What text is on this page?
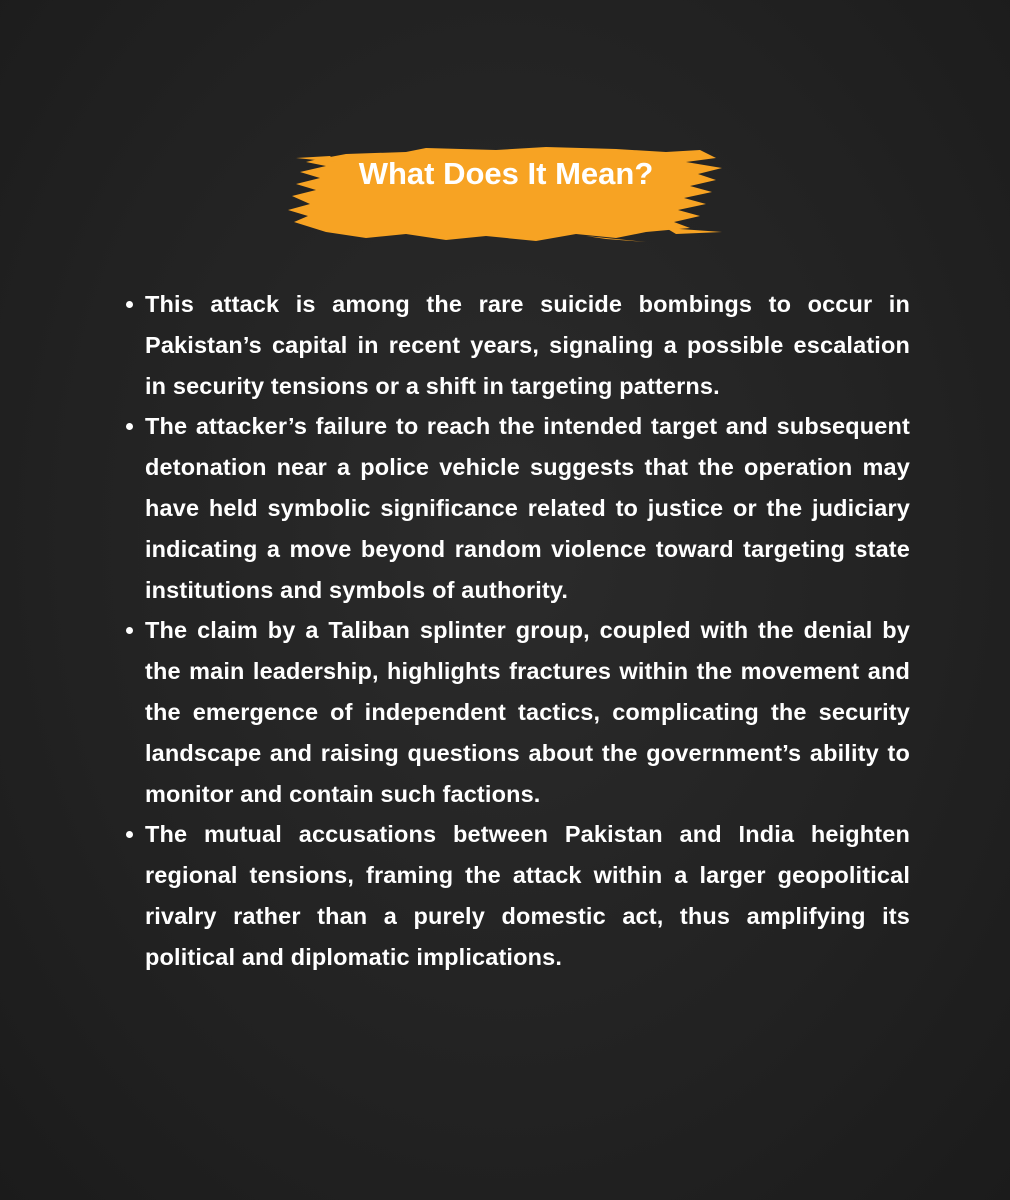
What Does It Mean?
This attack is among the rare suicide bombings to occur in Pakistan’s capital in recent years, signaling a possible escalation in security tensions or a shift in targeting patterns.
The attacker’s failure to reach the intended target and subsequent detonation near a police vehicle suggests that the operation may have held symbolic significance related to justice or the judiciary indicating a move beyond random violence toward targeting state institutions and symbols of authority.
The claim by a Taliban splinter group, coupled with the denial by the main leadership, highlights fractures within the movement and the emergence of independent tactics, complicating the security landscape and raising questions about the government’s ability to monitor and contain such factions.
The mutual accusations between Pakistan and India heighten regional tensions, framing the attack within a larger geopolitical rivalry rather than a purely domestic act, thus amplifying its political and diplomatic implications.
